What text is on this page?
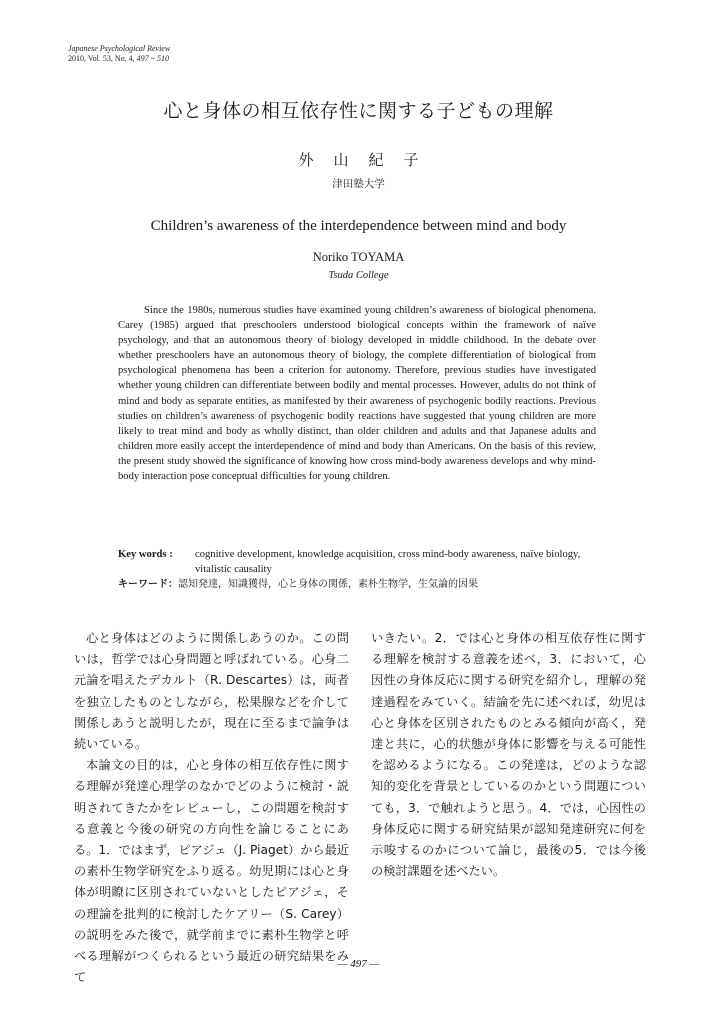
Japanese Psychological Review
2010, Vol. 53, No. 4, 497 ~ 510
心と身体の相互依存性に関する子どもの理解
外山紀子
津田塾大学
Children’s awareness of the interdependence between mind and body
Noriko TOYAMA
Tsuda College

Since the 1980s, numerous studies have examined young children’s awareness of biological phenomena. Carey (1985) argued that preschoolers understood biological concepts within the framework of naïve psychology, and that an autonomous theory of biology developed in middle childhood. In the debate over whether preschoolers have an autonomous theory of biology, the complete differentiation of biological from psychological phenomena has been a criterion for autonomy. Therefore, previous studies have investigated whether young children can differentiate between bodily and mental processes. However, adults do not think of mind and body as separate entities, as manifested by their awareness of psychogenic bodily reactions. Previous studies on children’s awareness of psychogenic bodily reactions have suggested that young children are more likely to treat mind and body as wholly distinct, than older children and adults and that Japanese adults and children more easily accept the interdependence of mind and body than Americans. On the basis of this review, the present study showed the significance of knowing how cross mind-body awareness develops and why mind-body interaction pose conceptual difficulties for young children.

Key words : cognitive development, knowledge acquisition, cross mind-body awareness, naïve biology, vitalistic causality
キーワード：認知発達，知識獲得，心と身体の関係，素朴生物学，生気論的因果

心と身体はどのように関係しあうのか。この問いは，哲学では心身問題と呼ばれている。心身二元論を唱えたデカルト（R. Descartes）は，両者を独立したものとしながら，松果腺などを介して関係しあうと説明したが，現在に至るまで論争は続いている。

本論文の目的は，心と身体の相互依存性に関する理解が発達心理学のなかでどのように検討・説明されてきたかをレビューし，この問題を検討する意義と今後の研究の方向性を論じることにある。1．ではまず，ピアジェ（J. Piaget）から最近の素朴生物学研究をふり返る。幼児期には心と身体が明瞭に区別されていないとしたピアジェ，その理論を批判的に検討したケアリー（S. Carey）の説明をみた後で，就学前までに素朴生物学と呼べる理解がつくられるという最近の研究結果をみて

いきたい。2．では心と身体の相互依存性に関する理解を検討する意義を述べ，3．において，心因性の身体反応に関する研究を紹介し，理解の発達過程をみていく。結論を先に述べれば，幼児は心と身体を区別されたものとみる傾向が高く，発達と共に，心的状態が身体に影響を与える可能性を認めるようになる。この発達は，どのような認知的変化を背景としているのかという問題についても，3．で触れようと思う。4．では，心因性の身体反応に関する研究結果が認知発達研究に何を示唆するのかについて論じ，最後の5．では今後の検討課題を述べたい。

— 497 —
